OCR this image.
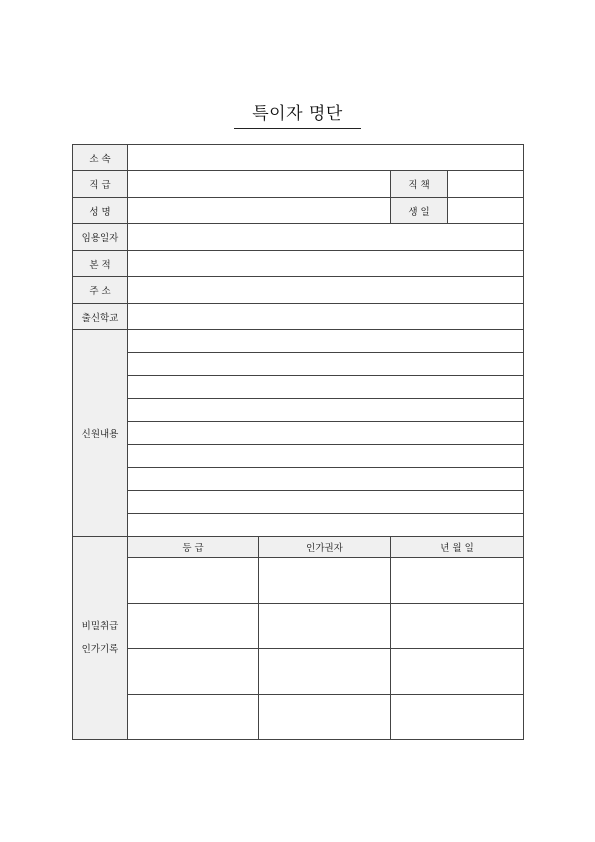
특이자 명단
소 속				
직 급			직 책	
성 명			생 일	
임용일자				
본 적				
주 소				
출신학교				
신원내용				

비밀취급
인가기록	등 급	인가권자	년 월 일	
